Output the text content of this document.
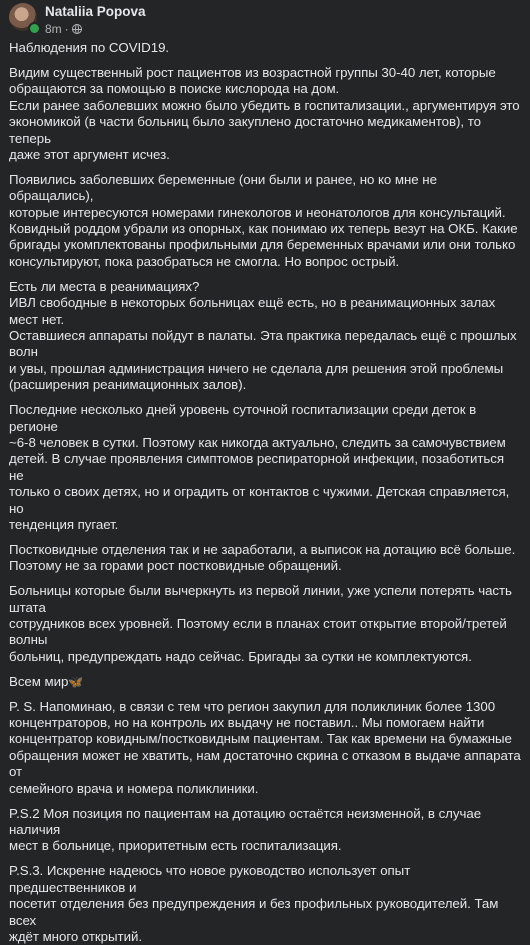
Nataliia Popova
8m ·

Наблюдения по COVID19.

Видим существенный рост пациентов из возрастной группы 30-40 лет, которые
обращаются за помощью в поиске кислорода на дом.
Если ранее заболевших можно было убедить в госпитализации., аргументируя это
экономикой (в части больниц было закуплено достаточно медикаментов), то теперь
даже этот аргумент исчез.

Появились заболевших беременные (они были и ранее, но ко мне не обращались),
которые интересуются номерами гинекологов и неонатологов для консультаций.
Ковидный роддом убрали из опорных, как понимаю их теперь везут на ОКБ. Какие
бригады укомплектованы профильными для беременных врачами или они только
консультируют, пока разобраться не смогла. Но вопрос острый.

Есть ли места в реанимациях?
ИВЛ свободные в некоторых больницах ещё есть, но в реанимационных залах мест нет.
Оставшиеся аппараты пойдут в палаты. Эта практика передалась ещё с прошлых волн
и увы, прошлая администрация ничего не сделала для решения этой проблемы
(расширения реанимационных залов).

Последние несколько дней уровень суточной госпитализации среди деток в регионе
~6-8 человек в сутки. Поэтому как никогда актуально, следить за самочувствием
детей. В случае проявления симптомов респираторной инфекции, позаботиться не
только о своих детях, но и оградить от контактов с чужими. Детская справляется, но
тенденция пугает.

Постковидные отделения так и не заработали, а выписок на дотацию всё больше.
Поэтому не за горами рост постковидные обращений.

Больницы которые были вычеркнуть из первой линии, уже успели потерять часть штата
сотрудников всех уровней. Поэтому если в планах стоит открытие второй/третей волны
больниц, предупреждать надо сейчас. Бригады за сутки не комплектуются.

Всем мир🦋

P. S. Напоминаю, в связи с тем что регион закупил для поликлиник более 1300
концентраторов, но на контроль их выдачу не поставил.. Мы помогаем найти
концентратор ковидным/постковидным пациентам. Так как времени на бумажные
обращения может не хватить, нам достаточно скрина с отказом в выдаче аппарата от
семейного врача и номера поликлиники.

P.S.2 Моя позиция по пациентам на дотацию остаётся неизменной, в случае наличия
мест в больнице, приоритетным есть госпитализация.

P.S.3. Искренне надеюсь что новое руководство использует опыт предшественников и
посетит отделения без предупреждения и без профильных руководителей. Там всех
ждёт много открытий.
